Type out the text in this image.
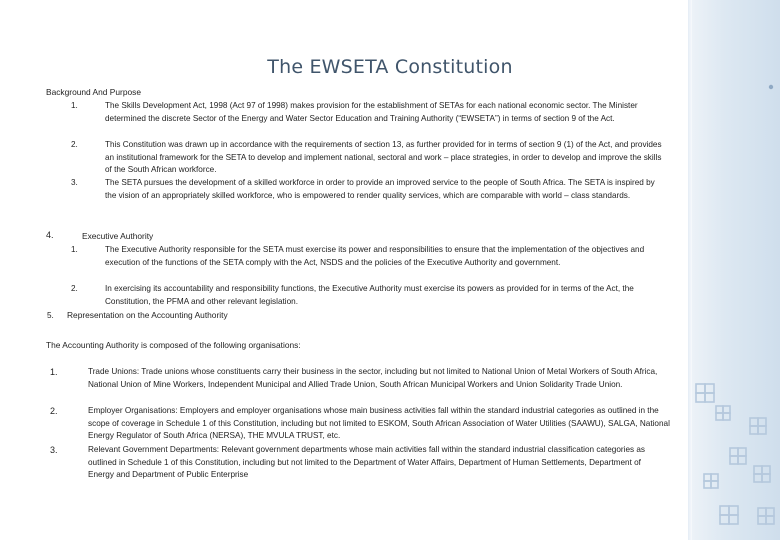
The EWSETA Constitution
Background And Purpose
1.	The Skills Development Act, 1998 (Act 97 of 1998) makes provision for the establishment of SETAs for each national economic sector. The Minister determined the discrete Sector of the Energy and Water Sector Education and Training Authority (“EWSETA”) in terms of section 9 of the Act.
2.	This Constitution was drawn up in accordance with the requirements of section 13, as further provided for in terms of section 9 (1) of the Act, and provides an institutional framework for the SETA to develop and implement national, sectoral and work – place strategies, in order to develop and improve the skills of the South African workforce.
3.	The SETA pursues the development of a skilled workforce in order to provide an improved service to the people of South Africa. The SETA is inspired by the vision of an appropriately skilled workforce, who is empowered to render quality services, which are comparable with world – class standards.
4.	Executive Authority
1.	The Executive Authority responsible for the SETA must exercise its power and responsibilities to ensure that the implementation of the objectives and execution of the functions of the SETA comply with the Act, NSDS and the policies of the Executive Authority and government.
2.	In exercising its accountability and responsibility functions, the Executive Authority must exercise its powers as provided for in terms of the Act, the Constitution, the PFMA and other relevant legislation.
5. Representation on the Accounting Authority
The Accounting Authority is composed of the following organisations:
1.	Trade Unions: Trade unions whose constituents carry their business in the sector, including but not limited to National Union of Metal Workers of South Africa, National Union of Mine Workers, Independent Municipal and Allied Trade Union, South African Municipal Workers and Union Solidarity Trade Union.
2.	Employer Organisations: Employers and employer organisations whose main business activities fall within the standard industrial categories as outlined in the scope of coverage in Schedule 1 of this Constitution, including but not limited to ESKOM, South African Association of Water Utilities (SAAWU), SALGA, National Energy Regulator of South Africa (NERSA), THE MVULA TRUST, etc.
3.	Relevant Government Departments: Relevant government departments whose main activities fall within the standard industrial classification categories as outlined in Schedule 1 of this Constitution, including but not limited to the Department of Water Affairs, Department of Human Settlements, Department of Energy and Department of Public Enterprise
